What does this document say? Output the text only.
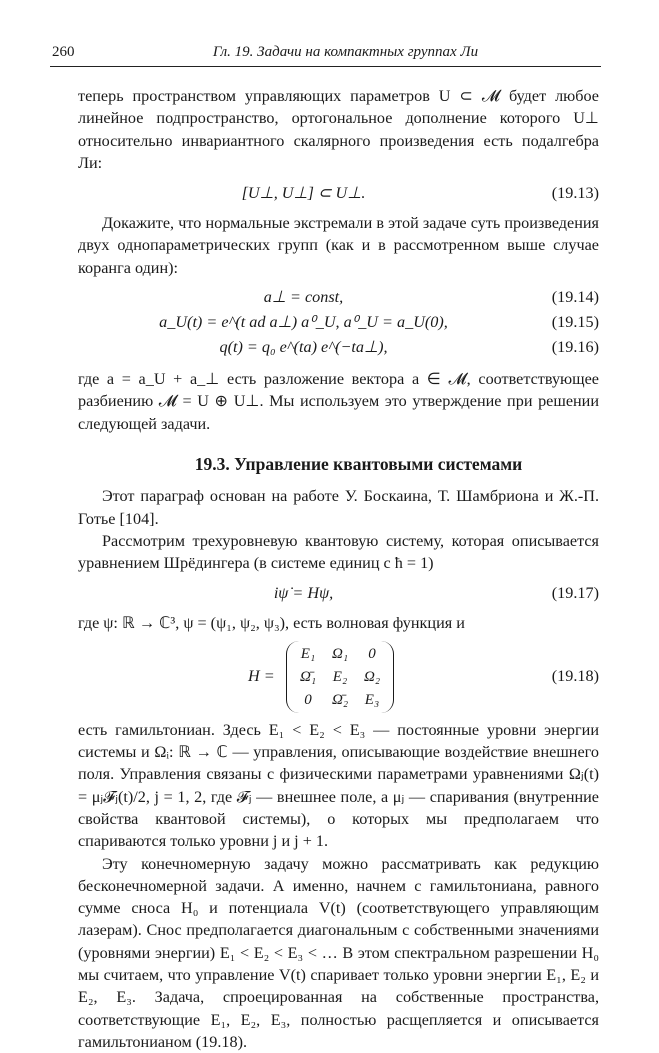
260	Гл. 19. Задачи на компактных группах Ли

теперь пространством управляющих параметров U ⊂ 𝓜 будет любое линейное подпространство, ортогональное дополнение которого U⊥ относительно инвариантного скалярного произведения есть подалгебра Ли:

[U⊥, U⊥] ⊂ U⊥.	(19.13)

Докажите, что нормальные экстремали в этой задаче суть произведения двух однопараметрических групп (как и в рассмотренном выше случае коранга один):

a⊥ = const,	(19.14)
a_U(t) = e^(t ad a⊥) a⁰_U, a⁰_U = a_U(0),	(19.15)
q(t) = q₀ e^(ta) e^(−ta⊥),	(19.16)

где a = a_U + a_⊥ есть разложение вектора a ∈ 𝓜, соответствующее разбиению 𝓜 = U ⊕ U⊥. Мы используем это утверждение при решении следующей задачи.

19.3. Управление квантовыми системами

Этот параграф основан на работе У. Боскаина, Т. Шамбриона и Ж.-П. Готье [104].

Рассмотрим трехуровневую квантовую систему, которая описывается уравнением Шрёдингера (в системе единиц с ħ = 1)

iψ̇ = Hψ,	(19.17)

где ψ: ℝ → ℂ³, ψ = (ψ₁, ψ₂, ψ₃), есть волновая функция и

H =
E₁	Ω₁	0
Ω̄₁	E₂	Ω₂
0	Ω̄₂	E₃
(19.18)

есть гамильтониан. Здесь E₁ < E₂ < E₃ — постоянные уровни энергии системы и Ωᵢ: ℝ → ℂ — управления, описывающие воздействие внешнего поля. Управления связаны с физическими параметрами уравнениями Ωⱼ(t) = μⱼ𝓕ⱼ(t)/2, j = 1, 2, где 𝓕ⱼ — внешнее поле, а μⱼ — спаривания (внутренние свойства квантовой системы), о которых мы предполагаем что спариваются только уровни j и j + 1.

Эту конечномерную задачу можно рассматривать как редукцию бесконечномерной задачи. А именно, начнем с гамильтониана, равного сумме сноса H₀ и потенциала V(t) (соответствующего управляющим лазерам). Снос предполагается диагональным с собственными значениями (уровнями энергии) E₁ < E₂ < E₃ < … В этом спектральном разрешении H₀ мы считаем, что управление V(t) спаривает только уровни энергии E₁, E₂ и E₂, E₃. Задача, спроецированная на собственные пространства, соответствующие E₁, E₂, E₃, полностью расщепляется и описывается гамильтонианом (19.18).
